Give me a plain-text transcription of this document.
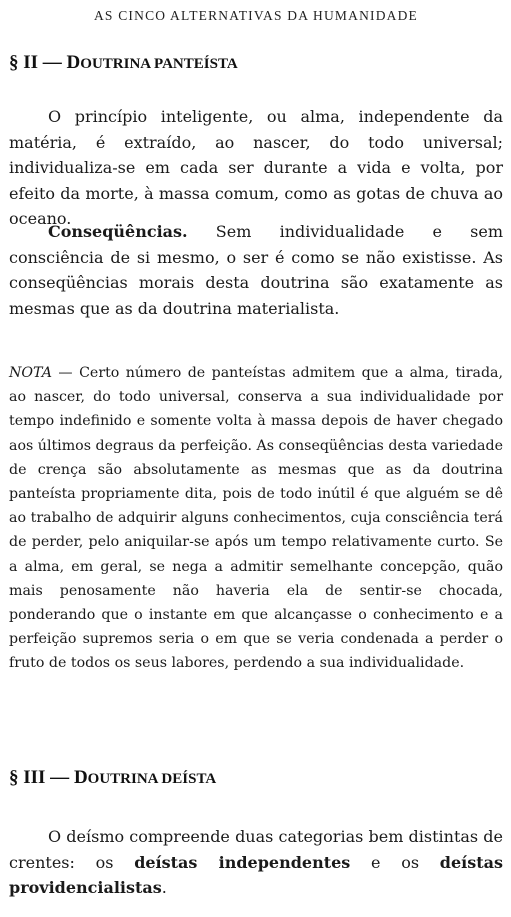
AS CINCO ALTERNATIVAS DA HUMANIDADE
§ II — DOUTRINA PANTEÍSTA
O princípio inteligente, ou alma, independente da matéria, é extraído, ao nascer, do todo universal; individualiza-se em cada ser durante a vida e volta, por efeito da morte, à massa comum, como as gotas de chuva ao oceano.
Conseqüências. Sem individualidade e sem consciência de si mesmo, o ser é como se não existisse. As conseqüências morais desta doutrina são exatamente as mesmas que as da doutrina materialista.
NOTA — Certo número de panteístas admitem que a alma, tirada, ao nascer, do todo universal, conserva a sua individualidade por tempo indefinido e somente volta à massa depois de haver chegado aos últimos degraus da perfeição. As conseqüências desta variedade de crença são absolutamente as mesmas que as da doutrina panteísta propriamente dita, pois de todo inútil é que alguém se dê ao trabalho de adquirir alguns conhecimentos, cuja consciência terá de perder, pelo aniquilar-se após um tempo relativamente curto. Se a alma, em geral, se nega a admitir semelhante concepção, quão mais penosamente não haveria ela de sentir-se chocada, ponderando que o instante em que alcançasse o conhecimento e a perfeição supremos seria o em que se veria condenada a perder o fruto de todos os seus labores, perdendo a sua individualidade.
§ III — DOUTRINA DEÍSTA
O deísmo compreende duas categorias bem distintas de crentes: os deístas independentes e os deístas providencialistas.
